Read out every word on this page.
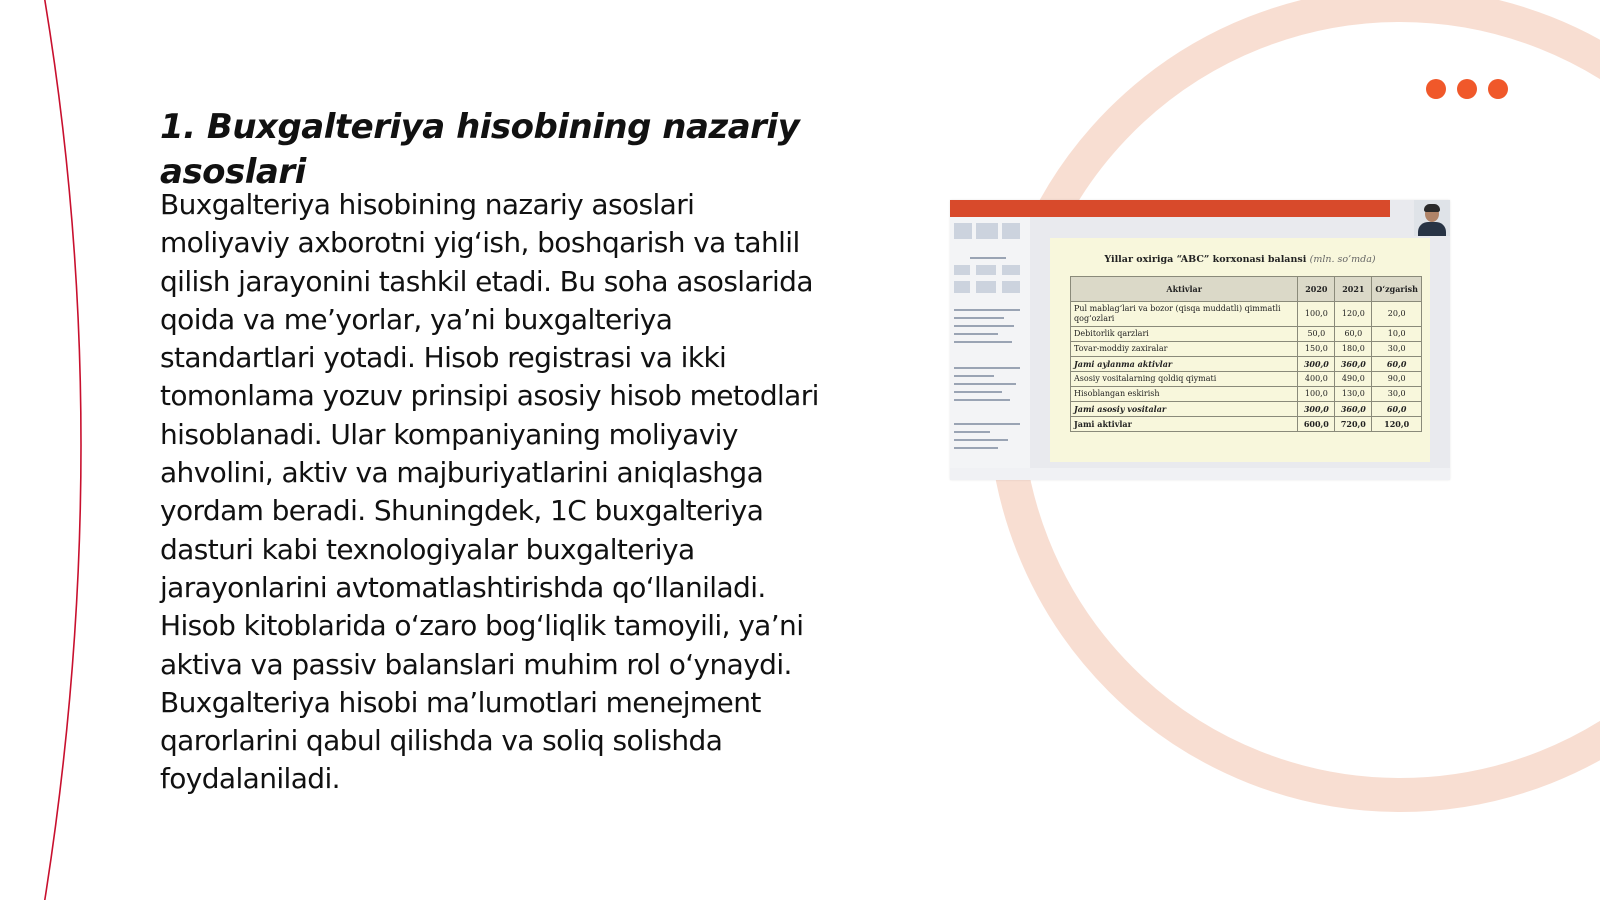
1. Buxgalteriya hisobining nazariy asoslari

Buxgalteriya hisobining nazariy asoslari moliyaviy axborotni yig‘ish, boshqarish va tahlil qilish jarayonini tashkil etadi. Bu soha asoslarida qoida va me’yorlar, ya’ni buxgalteriya standartlari yotadi. Hisob registrasi va ikki tomonlama yozuv prinsipi asosiy hisob metodlari hisoblanadi. Ular kompaniyaning moliyaviy ahvolini, aktiv va majburiyatlarini aniqlashga yordam beradi. Shuningdek, 1C buxgalteriya dasturi kabi texnologiyalar buxgalteriya jarayonlarini avtomatlashtirishda qo‘llaniladi. Hisob kitoblarida o‘zaro bog‘liqlik tamoyili, ya’ni aktiva va passiv balanslari muhim rol o‘ynaydi. Buxgalteriya hisobi ma’lumotlari menejment qarorlarini qabul qilishda va soliq solishda foydalaniladi.

Yillar oxiriga “ABC” korxonasi balansi (mln. so’mda)
Aktivlar	2020	2021	O‘zgarish
Pul mablag‘lari va bozor (qisqa muddatli) qimmatli qog‘ozlari	100,0	120,0	20,0
Debitorlik qarzlari	50,0	60,0	10,0
Tovar-moddiy zaxiralar	150,0	180,0	30,0
Jami aylanma aktivlar	300,0	360,0	60,0
Asosiy vositalarning qoldiq qiymati	400,0	490,0	90,0
Hisoblangan eskirish	100,0	130,0	30,0
Jami asosiy vositalar	300,0	360,0	60,0
Jami aktivlar	600,0	720,0	120,0
